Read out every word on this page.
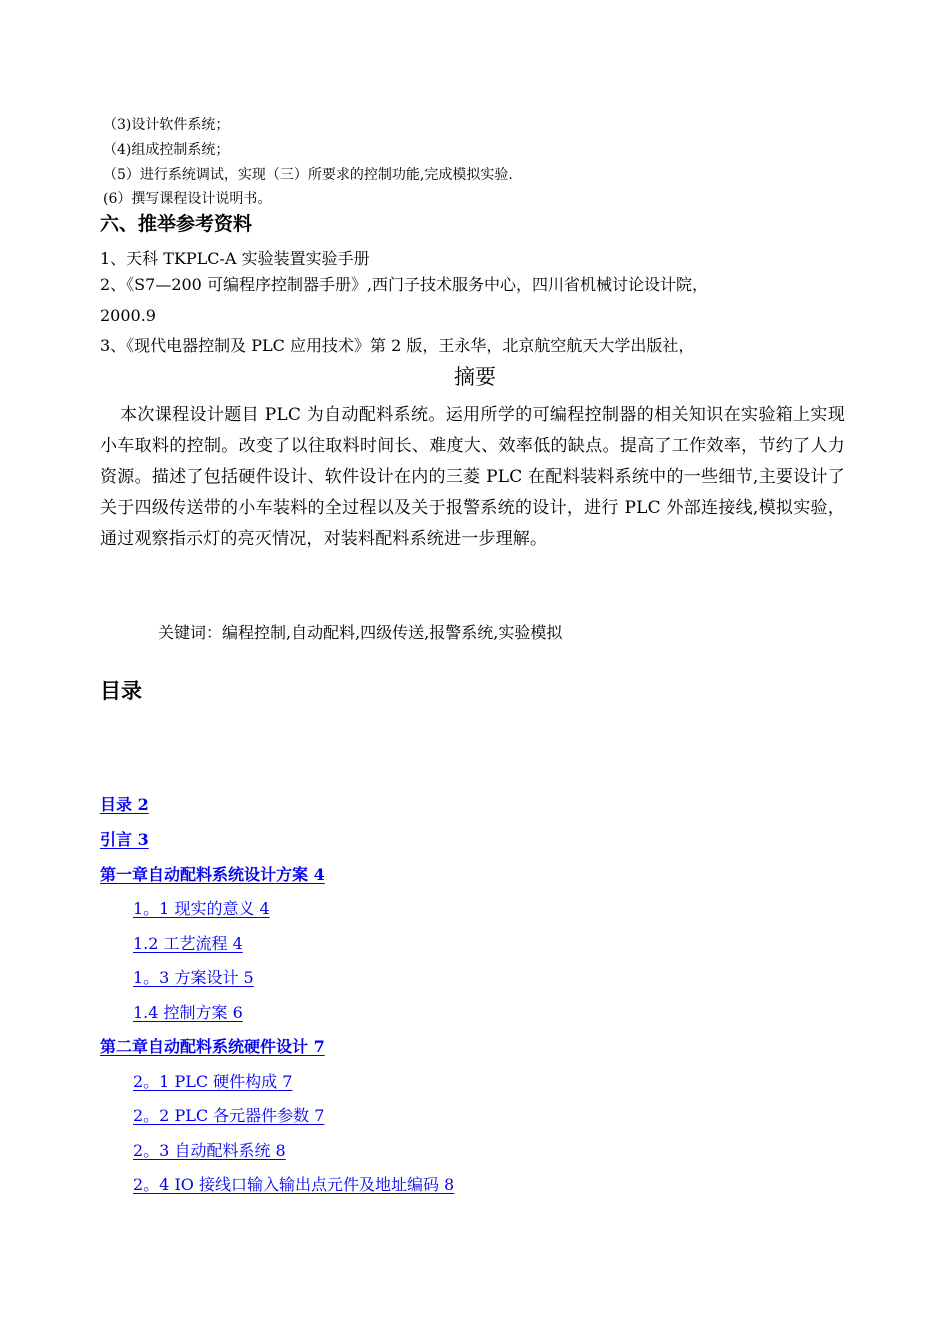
（3)设计软件系统；
（4)组成控制系统；
（5）进行系统调试，实现（三）所要求的控制功能,完成模拟实验.
(6）撰写课程设计说明书。
六、推举参考资料
1、天科 TKPLC-A 实验装置实验手册
2、《S7—200 可编程序控制器手册》,西门子技术服务中心，四川省机械讨论设计院，
2000.9
3、《现代电器控制及 PLC 应用技术》第 2 版，王永华，北京航空航天大学出版社，
摘要
本次课程设计题目 PLC 为自动配料系统。运用所学的可编程控制器的相关知识在实验箱上实现小车取料的控制。改变了以往取料时间长、难度大、效率低的缺点。提高了工作效率，节约了人力资源。描述了包括硬件设计、软件设计在内的三菱 PLC 在配料装料系统中的一些细节,主要设计了关于四级传送带的小车装料的全过程以及关于报警系统的设计，进行 PLC 外部连接线,模拟实验，通过观察指示灯的亮灭情况，对装料配料系统进一步理解。
关键词：编程控制,自动配料,四级传送,报警系统,实验模拟
目录
目录 2
引言 3
第一章自动配料系统设计方案 4
1。1 现实的意义 4
1.2 工艺流程 4
1。3 方案设计 5
1.4 控制方案 6
第二章自动配料系统硬件设计 7
2。1 PLC 硬件构成 7
2。2 PLC 各元器件参数 7
2。3 自动配料系统 8
2。4 IO 接线口输入输出点元件及地址编码 8
